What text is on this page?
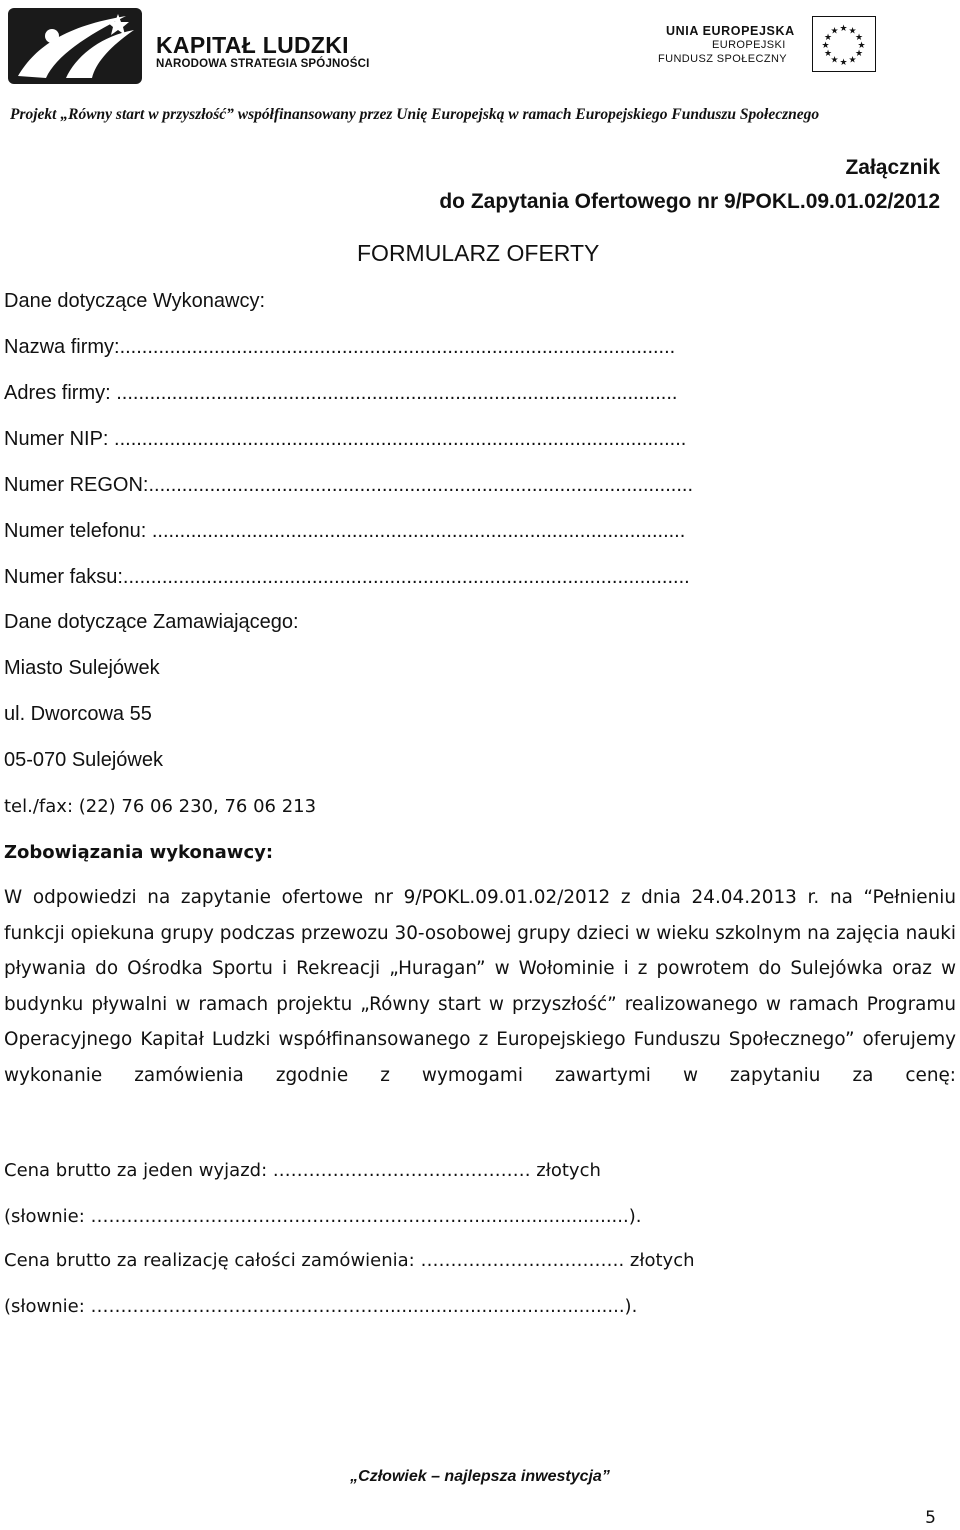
KAPITAŁ LUDZKI
NARODOWA STRATEGIA SPÓJNOŚCI
UNIA EUROPEJSKA
EUROPEJSKI
FUNDUSZ SPOŁECZNY
★ ★
★
★
★
★
★
★
★
★
★
★
Projekt „Równy start w przyszłość” współfinansowany przez Unię Europejską w ramach Europejskiego Funduszu Społecznego
Załącznik
do Zapytania Ofertowego nr 9/POKL.09.01.02/2012
FORMULARZ OFERTY
Dane dotyczące Wykonawcy:
Nazwa firmy:....................................................................................................
Adres firmy: .....................................................................................................
Numer NIP: .......................................................................................................
Numer REGON:..................................................................................................
Numer telefonu: ................................................................................................
Numer faksu:......................................................................................................
Dane dotyczące Zamawiającego:
Miasto Sulejówek
ul. Dworcowa 55
05-070 Sulejówek
tel./fax: (22) 76 06 230, 76 06 213
Zobowiązania wykonawcy:
W odpowiedzi na zapytanie ofertowe nr 9/POKL.09.01.02/2012 z dnia 24.04.2013 r. na “Pełnieniu funkcji opiekuna grupy podczas przewozu 30-osobowej grupy dzieci w wieku szkolnym na zajęcia nauki pływania do Ośrodka Sportu i Rekreacji „Huragan” w Wołominie i z powrotem do Sulejówka oraz w budynku pływalni w ramach projektu „Równy start w przyszłość” realizowanego w ramach Programu Operacyjnego Kapitał Ludzki współfinansowanego z Europejskiego Funduszu Społecznego” oferujemy wykonanie zamówienia zgodnie z wymogami zawartymi w zapytaniu za cenę:
Cena brutto za jeden wyjazd: .…………………………………… złotych
(słownie: …………………….…………………………………...........................).
Cena brutto za realizację całości zamówienia: ……………………………. złotych
(słownie: …………………………………………...........................................).
„Człowiek – najlepsza inwestycja”
5
